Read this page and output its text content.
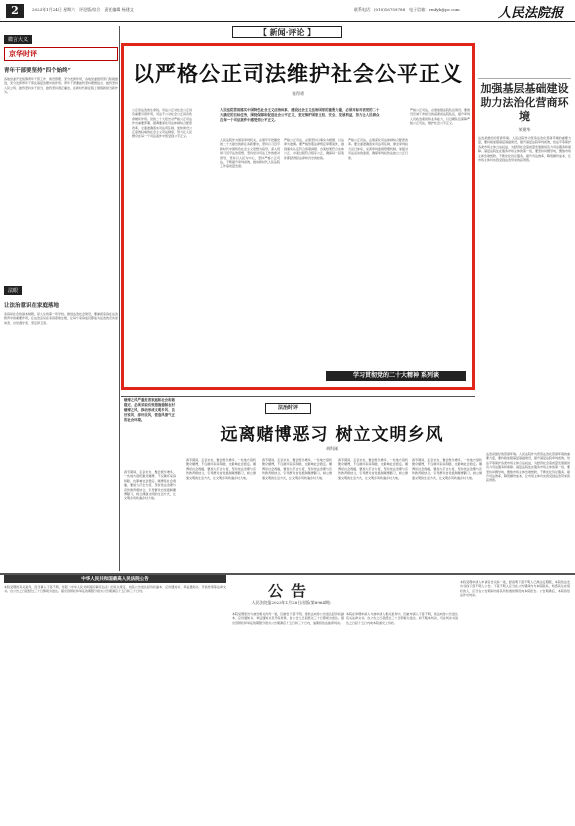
2	2023年1月24日 星期六　评论版/综合　责任编辑 杨建文	联系电话：(010)16759788　电子信箱：rmfyb@pc.com	人民法院报
【 新闻·评论 】
微言大义
京华时评
青年干部要坚持“四个始终”
各地党委开发统筹青年干部工作、建设管理、充分发挥作用，各地党委组织部门积极推进，充分发挥青年干部在基层治理中的作用。青年干部要始终坚持理想信念、始终坚持人民立场、始终坚持实干担当、始终坚持清正廉洁，在新时代新征程上展现新担当新作为。
法眼
让法治意识在家庭落地
家庭是社会的基本细胞，是人生的第一所学校。推进法治社会建设，要重视家庭在法治教育中的重要作用，让法治意识在家庭落地生根，让每个家庭成员都成为法治的忠实崇尚者、自觉遵守者、坚定捍卫者。
以严格公正司法维护社会公平正义
张得勇
公正是法治的生命线。司法公正对社会公正具有重要引领作用，司法不公对社会公正具有致命破坏作用。党的二十大报告对严格公正司法作出重要部署，强调要深化司法体制综合配套改革，全面准确落实司法责任制，加快建设公正高效权威的社会主义司法制度，努力让人民群众在每一个司法案件中感受到公平正义。
人民法院贯彻落实中国特色社会主义法治体系、建设社会主义法治国家的重要力量，必须对标对表党的二十大确定的目标任务，围绕保障和促进社会公平正义，坚定维护国家主权、安全、发展利益，努力让人民群众在每一个司法案件中感受到公平正义。
人民法院作为国家审判机关，必须牢牢把握党的二十大提出的新任务新要求，坚持以习近平新时代中国特色社会主义思想为指导，深入贯彻习近平法治思想，坚持党对司法工作的绝对领导，坚持以人民为中心，坚持严格公正司法，不断提升审判质效，推动新时代人民法院工作高质量发展。
严格公正司法，必须坚持以事实为根据、以法律为准绳。要严格依照法律规定审理案件，做到事实认定符合客观真相、办案结果符合实体公正、办案过程符合程序公正，确保每一起案件都经得起法律和历史的检验。
严格公正司法，必须深化司法体制综合配套改革。要全面准确落实司法责任制，健全审判权力运行体系，完善审判监督管理机制，加强对司法活动的监督，确保审判权依法独立公正行使。
严格公正司法，必须加强法院队伍建设。要建设忠诚干净担当的高素质法院队伍，提升审判人员政治素质和业务能力，以过硬队伍保障严格公正司法，维护社会公平正义。
学习贯彻党的二十大精神 系列谈
加强基层基础建设助力法治化营商环境
荣建华
法治是最好的营商环境。人民法院作为营造法治化营商环境的重要力量，要持续加强基层基础建设，提升基层法院审判质效，依法平等保护各类市场主体合法权益，为经济社会高质量发展提供有力司法服务和保障。基层法院处在服务市场主体的第一线，要坚持问题导向，聚焦市场主体急难愁盼，不断优化诉讼服务，提升司法效率，降低解纷成本，让市场主体切实感受到法治带来的获得感。
法治时评
赌博之风严重危害家庭和社会和谐稳定，必须采取有效措施遏制农村赌博之风，推动形成文明乡风、良好家风、淳朴民风，营造风清气正的社会环境。
远离赌博恶习 树立文明乡风
胡科刚
春节期间，走亲访友、聚会娱乐增多，一些地方借机聚众赌博，不仅破坏家庭和睦，也影响社会稳定。赌博是社会毒瘤，要加大打击力度，坚持依法治理与宣传教育相结合，引导群众自觉抵制赌博陋习，树立健康文明的生活方式，让文明乡风吹遍乡村大地。
春节期间，走亲访友、聚会娱乐增多，一些地方借机聚众赌博，不仅破坏家庭和睦，也影响社会稳定。赌博是社会毒瘤，要加大打击力度，坚持依法治理与宣传教育相结合，引导群众自觉抵制赌博陋习，树立健康文明的生活方式，让文明乡风吹遍乡村大地。
春节期间，走亲访友、聚会娱乐增多，一些地方借机聚众赌博，不仅破坏家庭和睦，也影响社会稳定。赌博是社会毒瘤，要加大打击力度，坚持依法治理与宣传教育相结合，引导群众自觉抵制赌博陋习，树立健康文明的生活方式，让文明乡风吹遍乡村大地。
春节期间，走亲访友、聚会娱乐增多，一些地方借机聚众赌博，不仅破坏家庭和睦，也影响社会稳定。赌博是社会毒瘤，要加大打击力度，坚持依法治理与宣传教育相结合，引导群众自觉抵制赌博陋习，树立健康文明的生活方式，让文明乡风吹遍乡村大地。
春节期间，走亲访友、聚会娱乐增多，一些地方借机聚众赌博，不仅破坏家庭和睦，也影响社会稳定。赌博是社会毒瘤，要加大打击力度，坚持依法治理与宣传教育相结合，引导群众自觉抵制赌博陋习，树立健康文明的生活方式，让文明乡风吹遍乡村大地。
法治是最好的营商环境。人民法院作为营造法治化营商环境的重要力量，要持续加强基层基础建设，提升基层法院审判质效，依法平等保护各类市场主体合法权益，为经济社会高质量发展提供有力司法服务和保障。基层法院处在服务市场主体的第一线，要坚持问题导向，聚焦市场主体急难愁盼，不断优化诉讼服务，提升司法效率，降低解纷成本，让市场主体切实感受到法治带来的获得感。
中华人民共和国最高人民法院公告
本院受理的有关案件，因当事人下落不明，依照《中华人民共和国民事诉讼法》的有关规定，向其公告送达起诉状副本、应诉通知书、举证通知书、开庭传票等法律文书。自公告之日起经过三十日即视为送达。提出答辩状和举证的期限分别为公告期满后十五日和三十日内。	公告
人民法院报2023年1月28日出版(第8964期)
本院受理原告与被告相关纠纷一案，因被告下落不明，现依法向你公告送达起诉状副本、应诉通知书、举证通知书及开庭传票。自公告之日起经过三十日即视为送达。提出答辩状和举证的期限分别为公告期满后十五日和三十日内，逾期将依法缺席判决。
本院在审理申请人与被申请人相关案件中，因被申请人下落不明，依法向你公告送达有关法律文书。自公告之日起经过三十日即视为送达。如不服本判决，可在判决书送达之日起十五日内向本院递交上诉状。
本院受理申请人申请宣告失踪一案，经查明下落不明人已满法定期限，本院依法发出寻找下落不明人公告。下落不明人应当在公告期间内与本院联系，知悉其生存现状的人，应当在公告期间内将其所知道的情况向本院报告。公告期满后，本院将依法作出判决。
